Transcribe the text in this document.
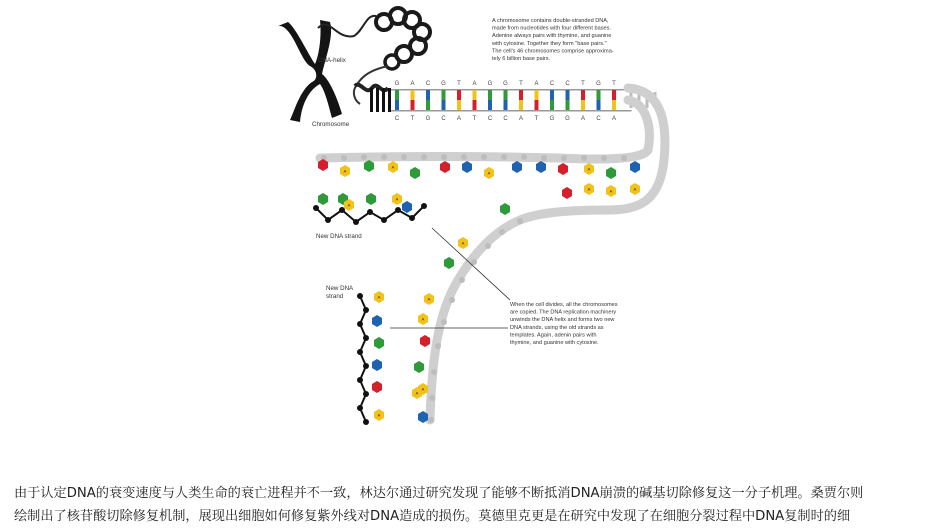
G A C G T A G G T A C C T G T
C T G C A T C C A T G G A C A
A
A
A
A
A	A	A
A
A
A
A
A
A
A
A
A
DNA-helix
Chromosome
New DNA strand
New DNA
strand
A chromosome contains double-stranded DNA,
made from nucleotides with four different bases.
Adenine always pairs with thymine, and guanine
with cytosine. Together they form "base pairs."
The cell's 46 chromosomes comprise approxima-
tely 6 billion base pairs.
When the cell divides, all the chromosomes
are copied. The DNA replication machinery
unwinds the DNA helix and forms two new
DNA strands, using the old strands as
templates. Again, adenin pairs with
thymine, and guanine with cytosine.

由于认定DNA的衰变速度与人类生命的衰亡进程并不一致，林达尔通过研究发现了能够不断抵消DNA崩溃的碱基切除修复这一分子机理。桑贾尔则
绘制出了核苷酸切除修复机制，展现出细胞如何修复紫外线对DNA造成的损伤。莫德里克更是在研究中发现了在细胞分裂过程中DNA复制时的细
